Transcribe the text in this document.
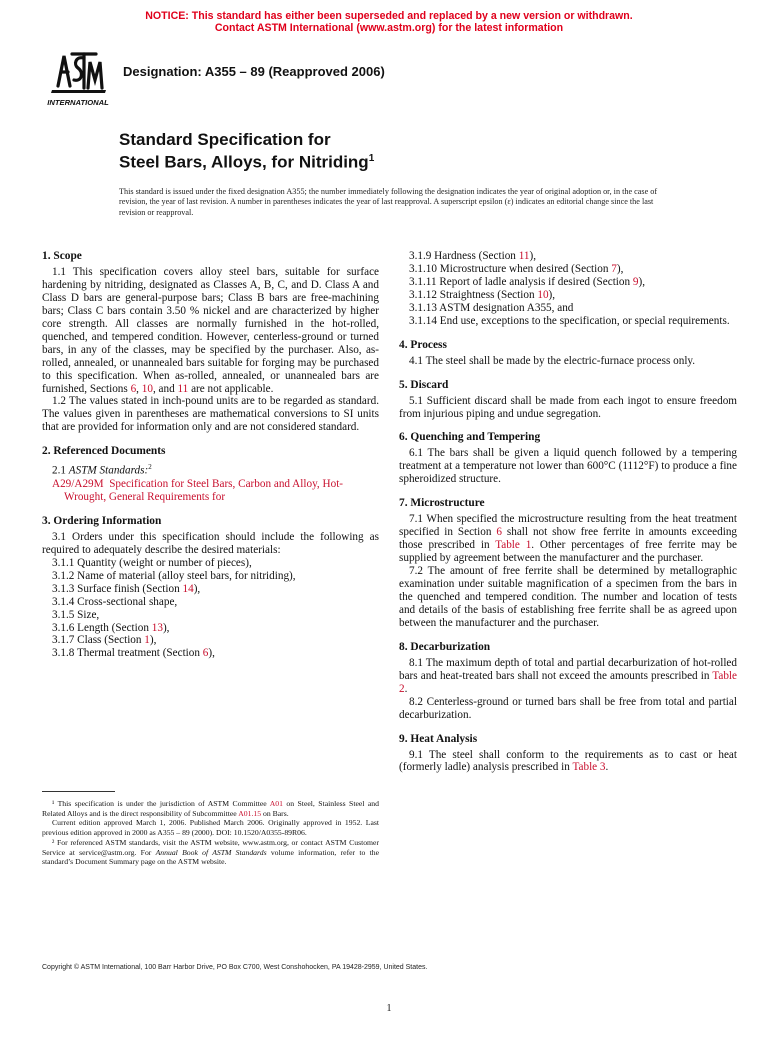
NOTICE: This standard has either been superseded and replaced by a new version or withdrawn.
Contact ASTM International (www.astm.org) for the latest information
INTERNATIONAL
Designation: A355 – 89 (Reapproved 2006)
Standard Specification for
Steel Bars, Alloys, for Nitriding$^1$
This standard is issued under the fixed designation A355; the number immediately following the designation indicates the year of original adoption or, in the case of revision, the year of last revision. A number in parentheses indicates the year of last reapproval. A superscript epsilon (ε) indicates an editorial change since the last revision or reapproval.

1. Scope

1.1 This specification covers alloy steel bars, suitable for surface hardening by nitriding, designated as Classes A, B, C, and D. Class A and Class D bars are general-purpose bars; Class B bars are free-machining bars; Class C bars contain 3.50 % nickel and are characterized by higher core strength. All classes are normally furnished in the hot-rolled, quenched, and tempered condition. However, centerless-ground or turned bars, in any of the classes, may be specified by the purchaser. Also, as-rolled, annealed, or unannealed bars suitable for forging may be purchased to this specification. When as-rolled, annealed, or unannealed bars are furnished, Sections 6, 10, and 11 are not applicable.

1.2 The values stated in inch-pound units are to be regarded as standard. The values given in parentheses are mathematical conversions to SI units that are provided for information only and are not considered standard.

2. Referenced Documents

2.1 ASTM Standards:$^2$

A29/A29M Specification for Steel Bars, Carbon and Alloy, Hot-Wrought, General Requirements for

3. Ordering Information

3.1 Orders under this specification should include the following as required to adequately describe the desired materials:

3.1.1 Quantity (weight or number of pieces),

3.1.2 Name of material (alloy steel bars, for nitriding),

3.1.3 Surface finish (Section 14),

3.1.4 Cross-sectional shape,

3.1.5 Size,

3.1.6 Length (Section 13),

3.1.7 Class (Section 1),

3.1.8 Thermal treatment (Section 6),

¹ This specification is under the jurisdiction of ASTM Committee A01 on Steel, Stainless Steel and Related Alloys and is the direct responsibility of Subcommittee A01.15 on Bars.

Current edition approved March 1, 2006. Published March 2006. Originally approved in 1952. Last previous edition approved in 2000 as A355 – 89 (2000). DOI: 10.1520/A0355-89R06.

² For referenced ASTM standards, visit the ASTM website, www.astm.org, or contact ASTM Customer Service at service@astm.org. For Annual Book of ASTM Standards volume information, refer to the standard’s Document Summary page on the ASTM website.

3.1.9 Hardness (Section 11),

3.1.10 Microstructure when desired (Section 7),

3.1.11 Report of ladle analysis if desired (Section 9),

3.1.12 Straightness (Section 10),

3.1.13 ASTM designation A355, and

3.1.14 End use, exceptions to the specification, or special requirements.

4. Process

4.1 The steel shall be made by the electric-furnace process only.

5. Discard

5.1 Sufficient discard shall be made from each ingot to ensure freedom from injurious piping and undue segregation.

6. Quenching and Tempering

6.1 The bars shall be given a liquid quench followed by a tempering treatment at a temperature not lower than 600°C (1112°F) to produce a fine spheroidized structure.

7. Microstructure

7.1 When specified the microstructure resulting from the heat treatment specified in Section 6 shall not show free ferrite in amounts exceeding those prescribed in Table 1. Other percentages of free ferrite may be supplied by agreement between the manufacturer and the purchaser.

7.2 The amount of free ferrite shall be determined by metallographic examination under suitable magnification of a specimen from the bars in the quenched and tempered condition. The number and location of tests and details of the basis of establishing free ferrite shall be as agreed upon between the manufacturer and the purchaser.

8. Decarburization

8.1 The maximum depth of total and partial decarburization of hot-rolled bars and heat-treated bars shall not exceed the amounts prescribed in Table 2.

8.2 Centerless-ground or turned bars shall be free from total and partial decarburization.

9. Heat Analysis

9.1 The steel shall conform to the requirements as to cast or heat (formerly ladle) analysis prescribed in Table 3.

Copyright © ASTM International, 100 Barr Harbor Drive, PO Box C700, West Conshohocken, PA 19428-2959, United States.
1
